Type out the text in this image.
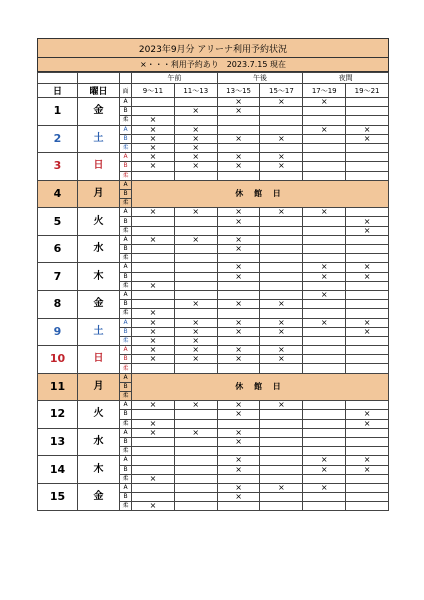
2023年9月分 アリーナ利用予約状況
×・・・利用予約あり 2023.7.15 現在
			午前		午後		夜間	
日	曜日	面	9～11	11～13	13～15	15～17	17～19	19～21
1	金	A			×	×	×	
		B		×	×			
		柔	×					
2	土	A	×	×			×	×
		B	×	×	×	×		×
		柔	×	×				
3	日	A	×	×	×	×		
		B	×	×	×	×		
		柔						
4	月	A	休 館 日					
		B						
		柔						
5	火	A	×	×	×	×	×	
		B			×			×
		柔						×
6	水	A	×	×	×			
		B			×			
		柔						
7	木	A			×		×	×
		B			×		×	×
		柔	×					
8	金	A					×	
		B		×	×	×		
		柔	×					
9	土	A	×	×	×	×	×	×
		B	×	×	×	×		×
		柔	×	×				
10	日	A	×	×	×	×		
		B	×	×	×	×		
		柔						
11	月	A	休 館 日					
		B						
		柔						
12	火	A	×	×	×	×		
		B			×			×
		柔	×					×
13	水	A	×	×	×			
		B			×			
		柔						
14	木	A			×		×	×
		B			×		×	×
		柔	×					
15	金	A			×	×	×	
		B			×			
		柔	×					
